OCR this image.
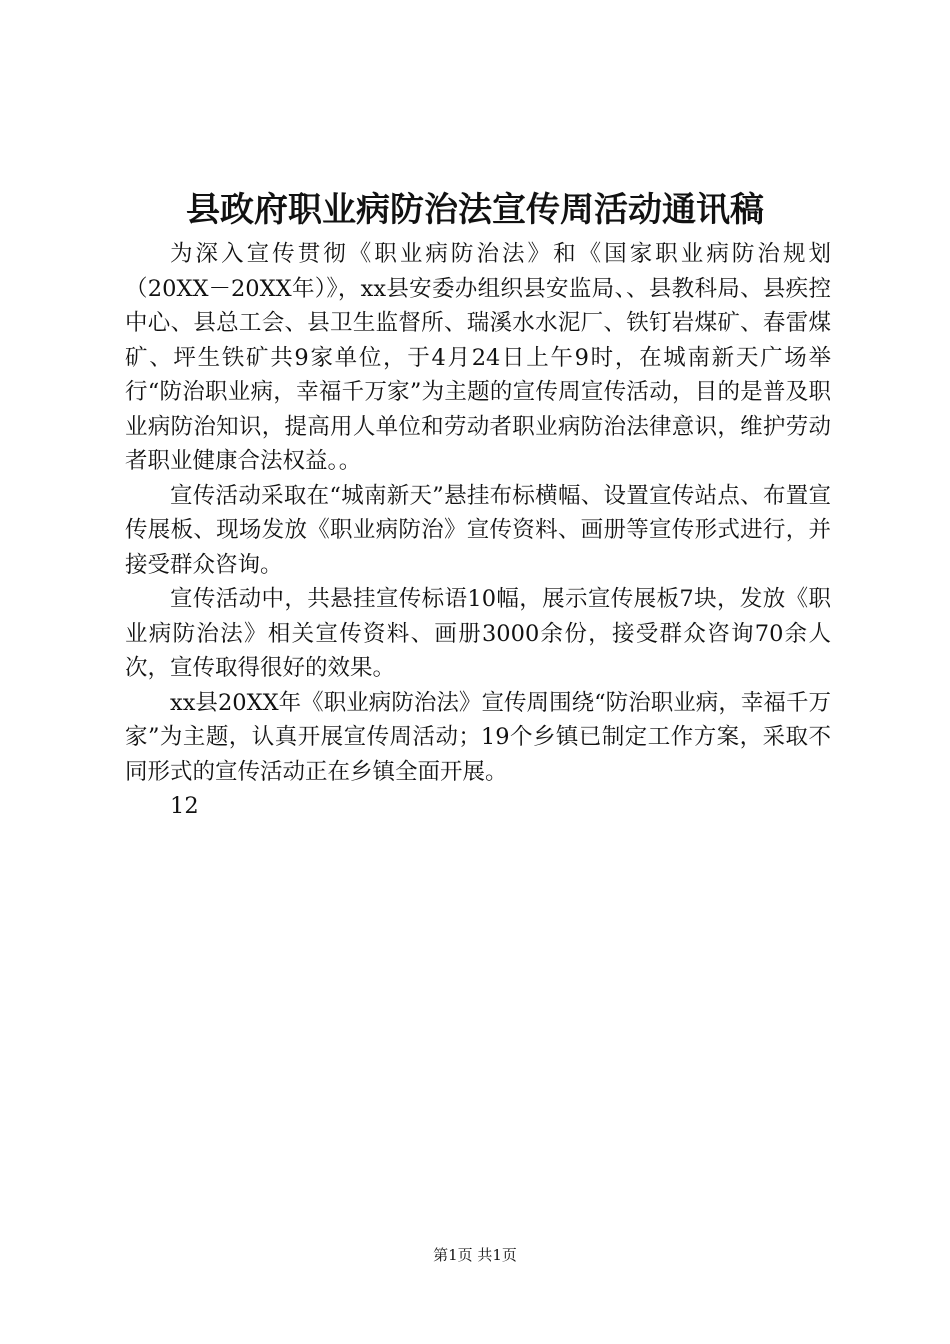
县政府职业病防治法宣传周活动通讯稿

为深入宣传贯彻《职业病防治法》和《国家职业病防治规划（20XX－20XX年）》，xx县安委办组织县安监局、、县教科局、县疾控中心、县总工会、县卫生监督所、瑞溪水水泥厂、铁钉岩煤矿、春雷煤矿、坪生铁矿共9家单位，于4月24日上午9时，在城南新天广场举行“防治职业病，幸福千万家”为主题的宣传周宣传活动，目的是普及职业病防治知识，提高用人单位和劳动者职业病防治法律意识，维护劳动者职业健康合法权益。。

宣传活动采取在“城南新天”悬挂布标横幅、设置宣传站点、布置宣传展板、现场发放《职业病防治》宣传资料、画册等宣传形式进行，并接受群众咨询。

宣传活动中，共悬挂宣传标语10幅，展示宣传展板7块，发放《职业病防治法》相关宣传资料、画册3000余份，接受群众咨询70余人次，宣传取得很好的效果。

xx县20XX年《职业病防治法》宣传周围绕“防治职业病，幸福千万家”为主题，认真开展宣传周活动；19个乡镇已制定工作方案，采取不同形式的宣传活动正在乡镇全面开展。

12

第1页 共1页
